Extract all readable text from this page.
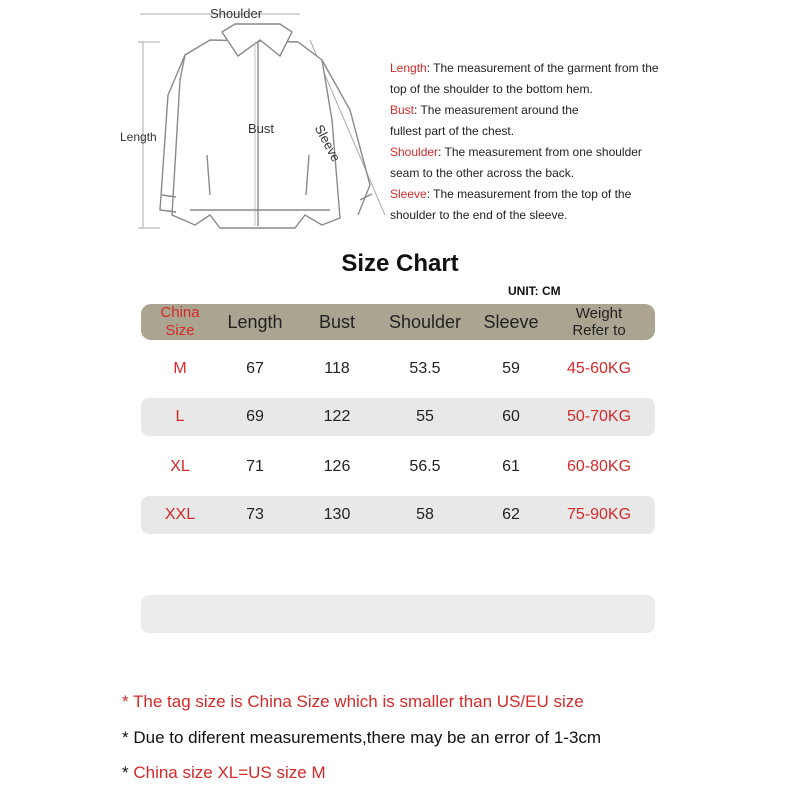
Shoulder
Length
Bust	Sleeve
Length: The measurement of the garment from the
top of the shoulder to the bottom hem.
Bust: The measurement around the
fullest part of the chest.
Shoulder: The measurement from one shoulder
seam to the other across the back.
Sleeve: The measurement from the top of the
shoulder to the end of the sleeve.
Size Chart
UNIT: CM
China
Size	Length	Bust	Shoulder	Sleeve	Weight
Refer to
M	67	118	53.5	59	45-60KG
L	69	122	55	60	50-70KG
XL	71	126	56.5	61	60-80KG
XXL	73	130	58	62	75-90KG
* The tag size is China Size which is smaller than US/EU size
* Due to diferent measurements,there may be an error of 1-3cm
* China size XL=US size M
